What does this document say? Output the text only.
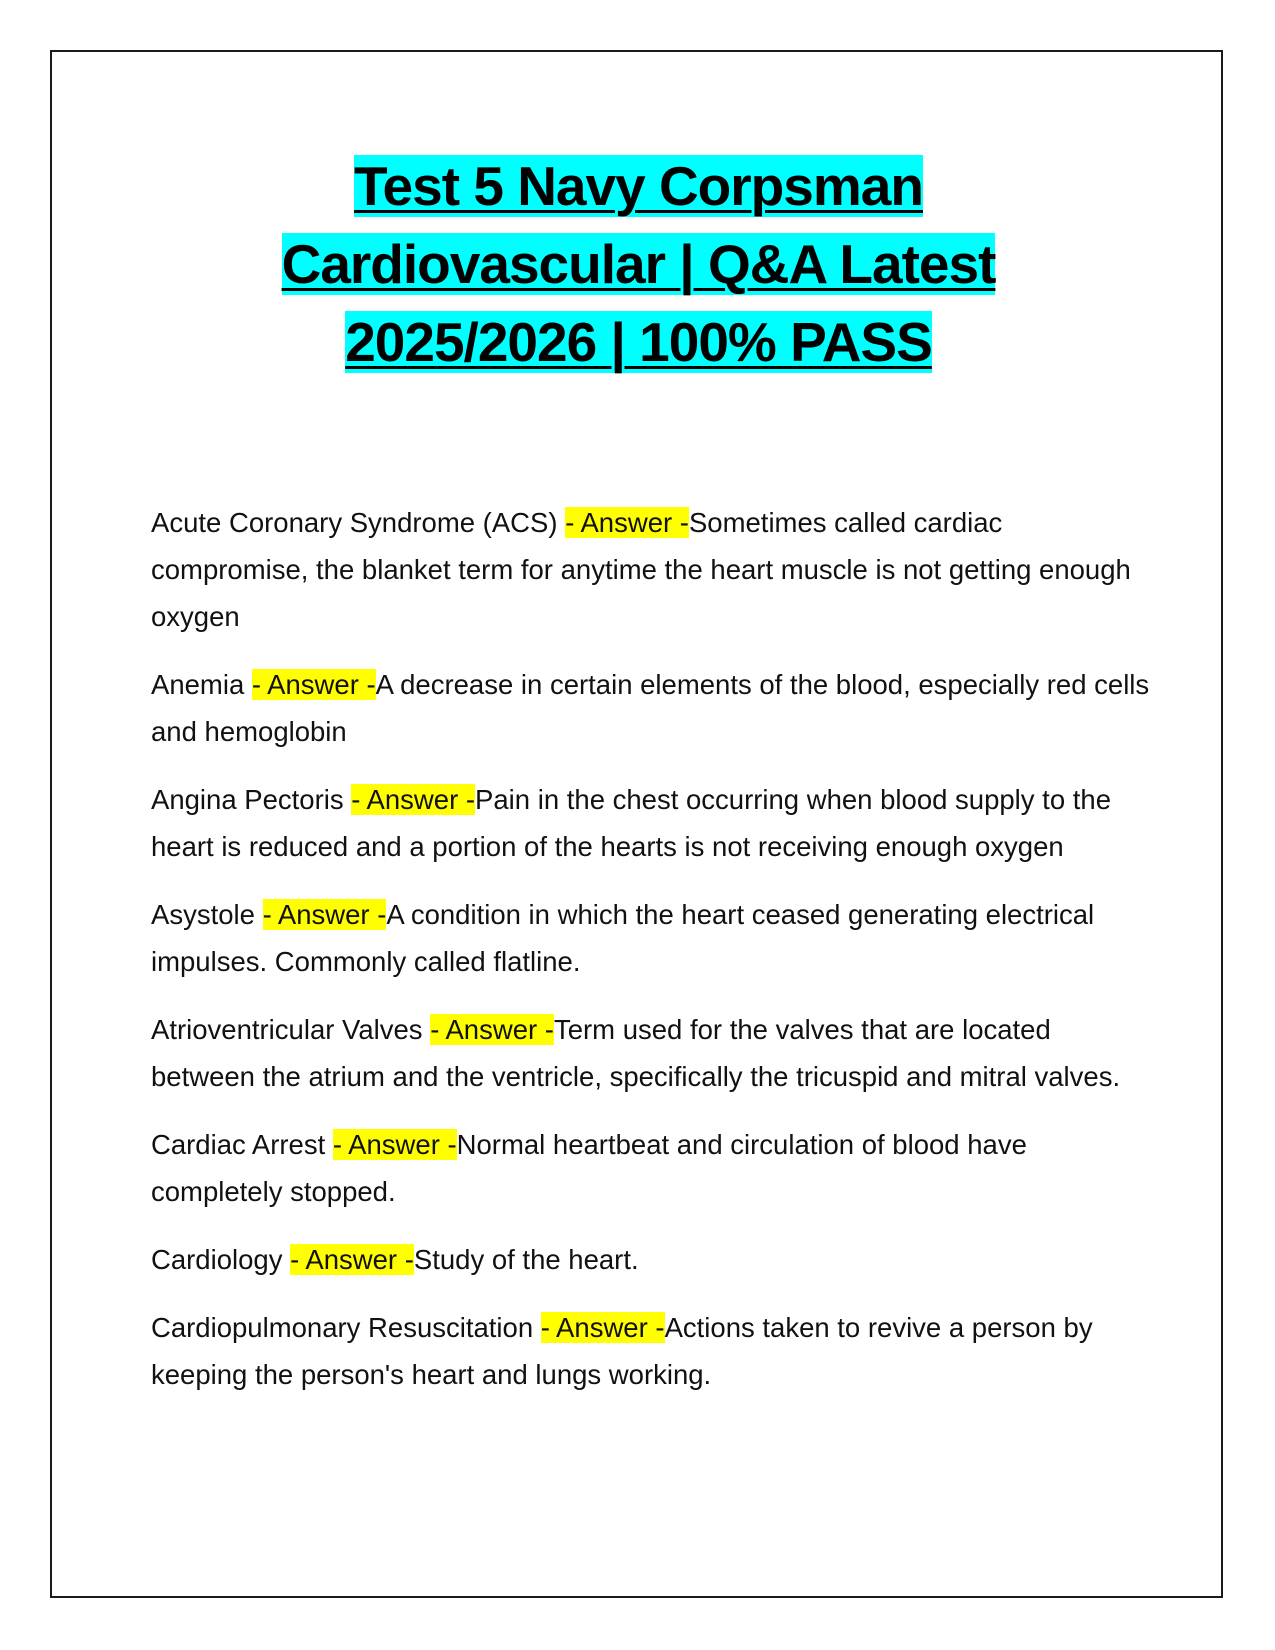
Test 5 Navy Corpsman
Cardiovascular | Q&A Latest
2025/2026 | 100% PASS

Acute Coronary Syndrome (ACS) - Answer -Sometimes called cardiac compromise, the blanket term for anytime the heart muscle is not getting enough oxygen

Anemia - Answer -A decrease in certain elements of the blood, especially red cells and hemoglobin

Angina Pectoris - Answer -Pain in the chest occurring when blood supply to the heart is reduced and a portion of the hearts is not receiving enough oxygen

Asystole - Answer -A condition in which the heart ceased generating electrical impulses. Commonly called flatline.

Atrioventricular Valves - Answer -Term used for the valves that are located between the atrium and the ventricle, specifically the tricuspid and mitral valves.

Cardiac Arrest - Answer -Normal heartbeat and circulation of blood have completely stopped.

Cardiology - Answer -Study of the heart.

Cardiopulmonary Resuscitation - Answer -Actions taken to revive a person by keeping the person's heart and lungs working.
